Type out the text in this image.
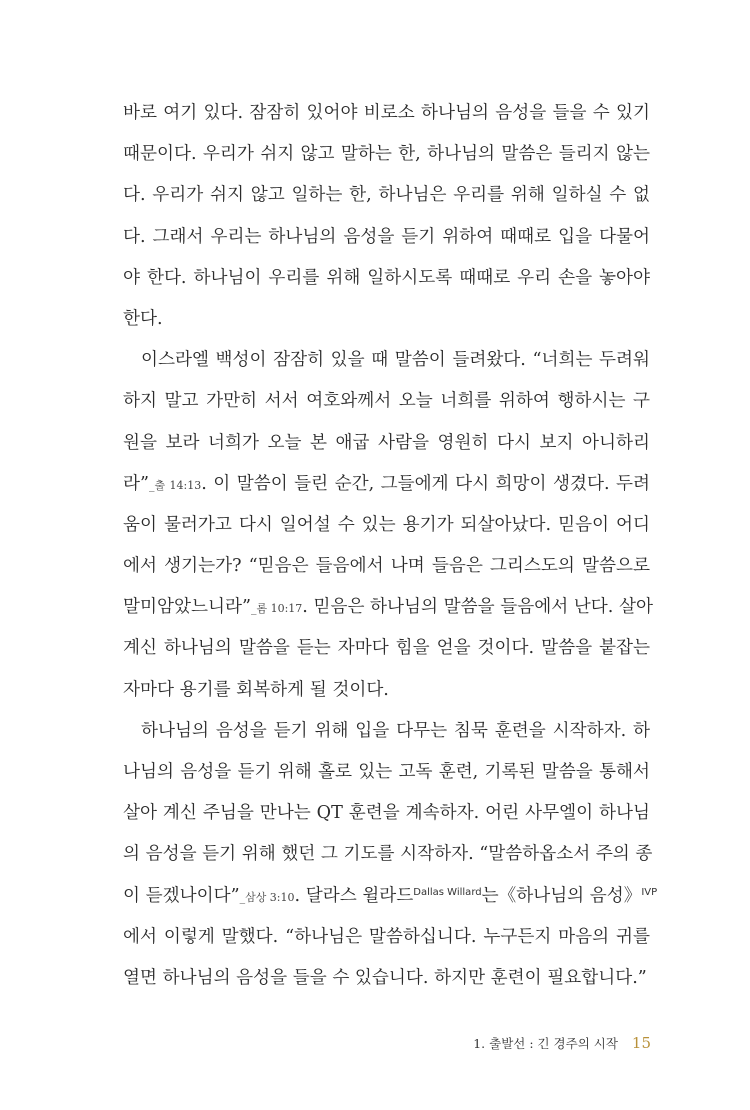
바로 여기 있다. 잠잠히 있어야 비로소 하나님의 음성을 들을 수 있기
때문이다. 우리가 쉬지 않고 말하는 한, 하나님의 말씀은 들리지 않는
다. 우리가 쉬지 않고 일하는 한, 하나님은 우리를 위해 일하실 수 없
다. 그래서 우리는 하나님의 음성을 듣기 위하여 때때로 입을 다물어
야 한다. 하나님이 우리를 위해 일하시도록 때때로 우리 손을 놓아야
한다.
이스라엘 백성이 잠잠히 있을 때 말씀이 들려왔다. “너희는 두려워
하지 말고 가만히 서서 여호와께서 오늘 너희를 위하여 행하시는 구
원을 보라 너희가 오늘 본 애굽 사람을 영원히 다시 보지 아니하리
라”_출 14:13. 이 말씀이 들린 순간, 그들에게 다시 희망이 생겼다. 두려
움이 물러가고 다시 일어설 수 있는 용기가 되살아났다. 믿음이 어디
에서 생기는가? “믿음은 들음에서 나며 들음은 그리스도의 말씀으로
말미암았느니라”_롬 10:17. 믿음은 하나님의 말씀을 들음에서 난다. 살아
계신 하나님의 말씀을 듣는 자마다 힘을 얻을 것이다. 말씀을 붙잡는
자마다 용기를 회복하게 될 것이다.
하나님의 음성을 듣기 위해 입을 다무는 침묵 훈련을 시작하자. 하
나님의 음성을 듣기 위해 홀로 있는 고독 훈련, 기록된 말씀을 통해서
살아 계신 주님을 만나는 QT 훈련을 계속하자. 어린 사무엘이 하나님
의 음성을 듣기 위해 했던 그 기도를 시작하자. “말씀하옵소서 주의 종
이 듣겠나이다”_삼상 3:10. 달라스 윌라드$^{Dallas Willard}$는《하나님의 음성》$^{IVP}$
에서 이렇게 말했다. “하나님은 말씀하십니다. 누구든지 마음의 귀를
열면 하나님의 음성을 들을 수 있습니다. 하지만 훈련이 필요합니다.”
1. 출발선 : 긴 경주의 시작 15
